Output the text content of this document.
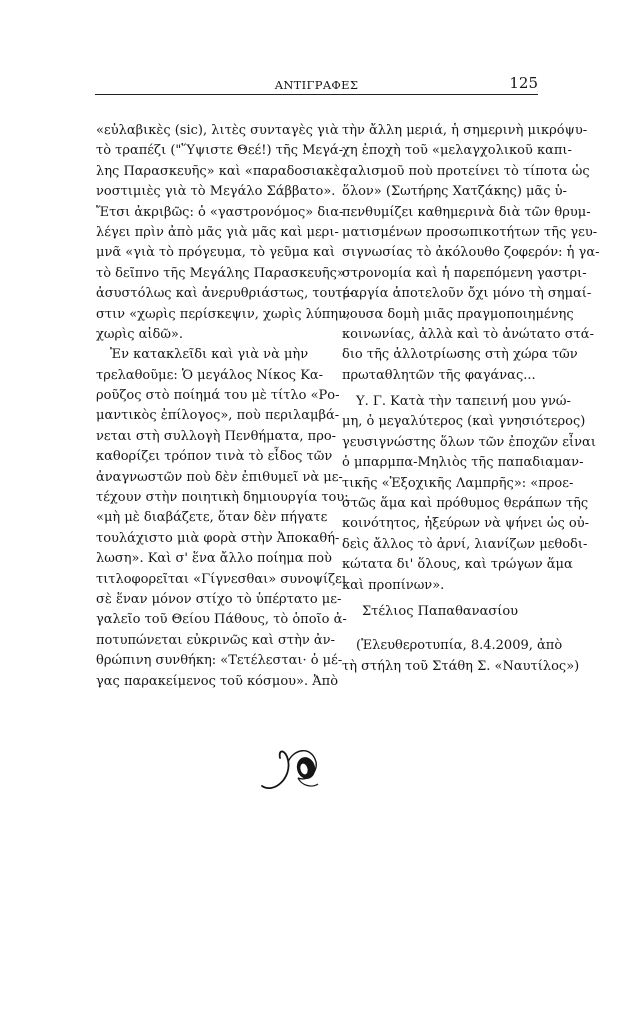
ΑΝΤΙΓΡΑΦΕΣ	125
«εὐλαβικὲς (sic), λιτὲς συνταγὲς γιὰ
τὸ τραπέζι ("Ὕψιστε Θεέ!) τῆς Μεγά-
λης Παρασκευῆς» καὶ «παραδοσιακὲς
νοστιμιὲς γιὰ τὸ Μεγάλο Σάββατο».
Ἔτσι ἀκριβῶς: ὁ «γαστρονόμος» δια-
λέγει πρὶν ἀπὸ μᾶς γιὰ μᾶς καὶ μερι-
μνᾶ «γιὰ τὸ πρόγευμα, τὸ γεῦμα καὶ
τὸ δεῖπνο τῆς Μεγάλης Παρασκευῆς»
ἀσυστόλως καὶ ἀνερυθριάστως, τουτέ-
στιν «χωρὶς περίσκεψιν, χωρὶς λύπην,
χωρὶς αἰδῶ».
Ἐν κατακλεῖδι καὶ γιὰ νὰ μὴν
τρελαθοῦμε: Ὁ μεγάλος Νίκος Κα-
ροῦζος στὸ ποίημά του μὲ τίτλο «Ρο-
μαντικὸς ἐπίλογος», ποὺ περιλαμβά-
νεται στὴ συλλογὴ Πενθήματα, προ-
καθορίζει τρόπον τινὰ τὸ εἶδος τῶν
ἀναγνωστῶν ποὺ δὲν ἐπιθυμεῖ νὰ με-
τέχουν στὴν ποιητικὴ δημιουργία του:
«μὴ μὲ διαβάζετε, ὅταν δὲν πήγατε
τουλάχιστο μιὰ φορὰ στὴν Ἀποκαθή-
λωση». Καὶ σ' ἕνα ἄλλο ποίημα ποὺ
τιτλοφορεῖται «Γίγνεσθαι» συνοψίζει
σὲ ἕναν μόνον στίχο τὸ ὑπέρτατο με-
γαλεῖο τοῦ Θείου Πάθους, τὸ ὁποῖο ἀ-
ποτυπώνεται εὐκρινῶς καὶ στὴν ἀν-
θρώπινη συνθήκη: «Τετέλεσται· ὁ μέ-
γας παρακείμενος τοῦ κόσμου». Ἀπὸ
τὴν ἄλλη μεριά, ἡ σημερινὴ μικρόψυ-
χη ἐποχὴ τοῦ «μελαγχολικοῦ καπι-
ταλισμοῦ ποὺ προτείνει τὸ τίποτα ὡς
ὅλον» (Σωτήρης Χατζάκης) μᾶς ὑ-
πενθυμίζει καθημερινὰ διὰ τῶν θρυμ-
ματισμένων προσωπικοτήτων τῆς γευ-
σιγνωσίας τὸ ἀκόλουθο ζοφερόν: ἡ γα-
στρονομία καὶ ἡ παρεπόμενη γαστρι-
μαργία ἀποτελοῦν ὄχι μόνο τὴ σημαί-
νουσα δομὴ μιᾶς πραγμοποιημένης
κοινωνίας, ἀλλὰ καὶ τὸ ἀνώτατο στά-
διο τῆς ἀλλοτρίωσης στὴ χώρα τῶν
πρωταθλητῶν τῆς φαγάνας...
Υ. Γ. Κατὰ τὴν ταπεινή μου γνώ-
μη, ὁ μεγαλύτερος (καὶ γνησιότερος)
γευσιγνώστης ὅλων τῶν ἐποχῶν εἶναι
ὁ μπαρμπα-Μηλιὸς τῆς παπαδιαμαν-
τικῆς «Ἐξοχικῆς Λαμπρῆς»: «προε-
στῶς ἅμα καὶ πρόθυμος θεράπων τῆς
κοινότητος, ἠξεύρων νὰ ψήνει ὡς οὐ-
δεὶς ἄλλος τὸ ἀρνί, λιανίζων μεθοδι-
κώτατα δι' ὅλους, καὶ τρώγων ἅμα
καὶ προπίνων».
Στέλιος Παπαθανασίου
(Ἐλευθεροτυπία, 8.4.2009, ἀπὸ
τὴ στήλη τοῦ Στάθη Σ. «Ναυτίλος»)
